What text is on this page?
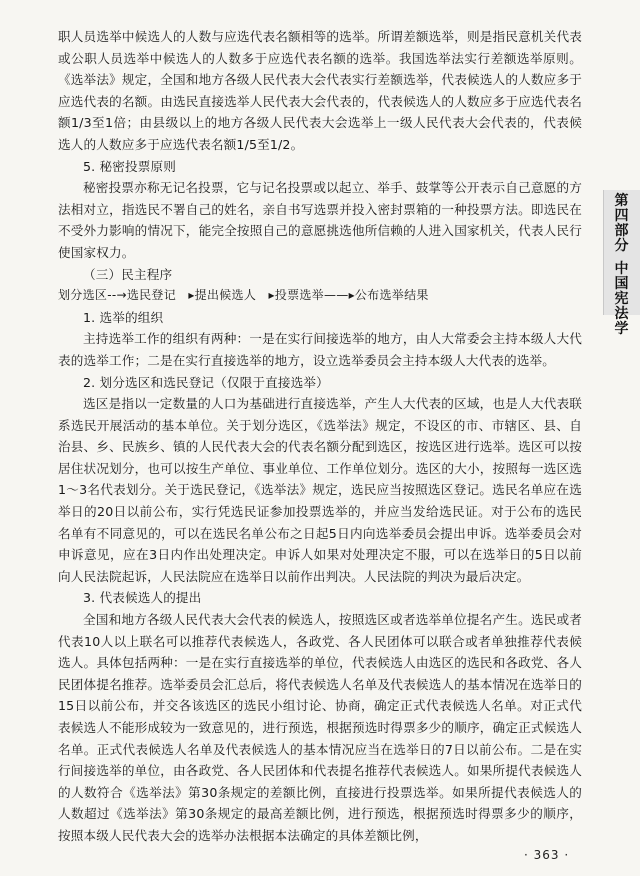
职人员选举中候选人的人数与应选代表名额相等的选举。所谓差额选举，则是指民意机关代表或公职人员选举中候选人的人数多于应选代表名额的选举。我国选举法实行差额选举原则。《选举法》规定，全国和地方各级人民代表大会代表实行差额选举，代表候选人的人数应多于应选代表的名额。由选民直接选举人民代表大会代表的，代表候选人的人数应多于应选代表名额1/3至1倍；由县级以上的地方各级人民代表大会选举上一级人民代表大会代表的，代表候选人的人数应多于应选代表名额1/5至1/2。

5. 秘密投票原则

秘密投票亦称无记名投票，它与记名投票或以起立、举手、鼓掌等公开表示自己意愿的方法相对立，指选民不署自己的姓名，亲自书写选票并投入密封票箱的一种投票方法。即选民在不受外力影响的情况下，能完全按照自己的意愿挑选他所信赖的人进入国家机关，代表人民行使国家权力。

（三）民主程序

划分选区--→选民登记　▸提出候选人　▸投票选举——▸公布选举结果

1. 选举的组织

主持选举工作的组织有两种：一是在实行间接选举的地方，由人大常委会主持本级人大代表的选举工作；二是在实行直接选举的地方，设立选举委员会主持本级人大代表的选举。

2. 划分选区和选民登记（仅限于直接选举）

选区是指以一定数量的人口为基础进行直接选举，产生人大代表的区域，也是人大代表联系选民开展活动的基本单位。关于划分选区，《选举法》规定，不设区的市、市辖区、县、自治县、乡、民族乡、镇的人民代表大会的代表名额分配到选区，按选区进行选举。选区可以按居住状况划分，也可以按生产单位、事业单位、工作单位划分。选区的大小，按照每一选区选1～3名代表划分。关于选民登记，《选举法》规定，选民应当按照选区登记。选民名单应在选举日的20日以前公布，实行凭选民证参加投票选举的，并应当发给选民证。对于公布的选民名单有不同意见的，可以在选民名单公布之日起5日内向选举委员会提出申诉。选举委员会对申诉意见，应在3日内作出处理决定。申诉人如果对处理决定不服，可以在选举日的5日以前向人民法院起诉，人民法院应在选举日以前作出判决。人民法院的判决为最后决定。

3. 代表候选人的提出

全国和地方各级人民代表大会代表的候选人，按照选区或者选举单位提名产生。选民或者代表10人以上联名可以推荐代表候选人，各政党、各人民团体可以联合或者单独推荐代表候选人。具体包括两种：一是在实行直接选举的单位，代表候选人由选区的选民和各政党、各人民团体提名推荐。选举委员会汇总后，将代表候选人名单及代表候选人的基本情况在选举日的15日以前公布，并交各该选区的选民小组讨论、协商，确定正式代表候选人名单。对正式代表候选人不能形成较为一致意见的，进行预选，根据预选时得票多少的顺序，确定正式候选人名单。正式代表候选人名单及代表候选人的基本情况应当在选举日的7日以前公布。二是在实行间接选举的单位，由各政党、各人民团体和代表提名推荐代表候选人。如果所提代表候选人的人数符合《选举法》第30条规定的差额比例，直接进行投票选举。如果所提代表候选人的人数超过《选举法》第30条规定的最高差额比例，进行预选，根据预选时得票多少的顺序，按照本级人民代表大会的选举办法根据本法确定的具体差额比例，

第
四
部
分
中
国
宪
法
学
· 363 ·
